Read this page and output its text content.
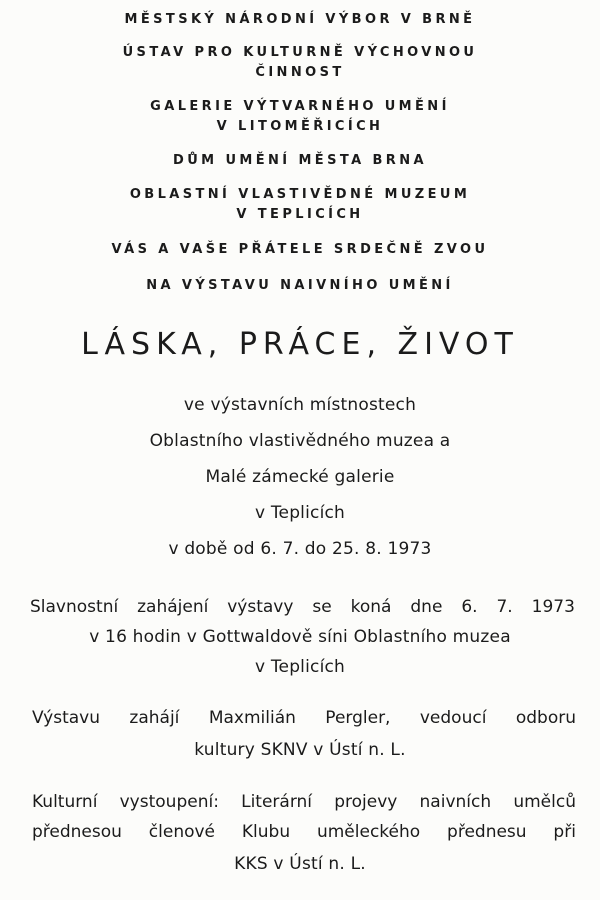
MĚSTSKÝ NÁRODNÍ VÝBOR V BRNĚ
ÚSTAV PRO KULTURNĚ VÝCHOVNOU
ČINNOST
GALERIE VÝTVARNÉHO UMĚNÍ
V LITOMĚŘICÍCH
DŮM UMĚNÍ MĚSTA BRNA
OBLASTNÍ VLASTIVĚDNÉ MUZEUM
V TEPLICÍCH
VÁS A VAŠE PŘÁTELE SRDEČNĚ ZVOU
NA VÝSTAVU NAIVNÍHO UMĚNÍ
LÁSKA, PRÁCE, ŽIVOT
ve výstavních místnostech
Oblastního vlastivědného muzea a
Malé zámecké galerie
v Teplicích
v době od 6. 7. do 25. 8. 1973
Slavnostní zahájení výstavy se koná dne 6. 7. 1973
v 16 hodin v Gottwaldově síni Oblastního muzea
v Teplicích
Výstavu zahájí Maxmilián Pergler, vedoucí odboru
kultury SKNV v Ústí n. L.
Kulturní vystoupení: Literární projevy naivních umělců
přednesou členové Klubu uměleckého přednesu při
KKS v Ústí n. L.
